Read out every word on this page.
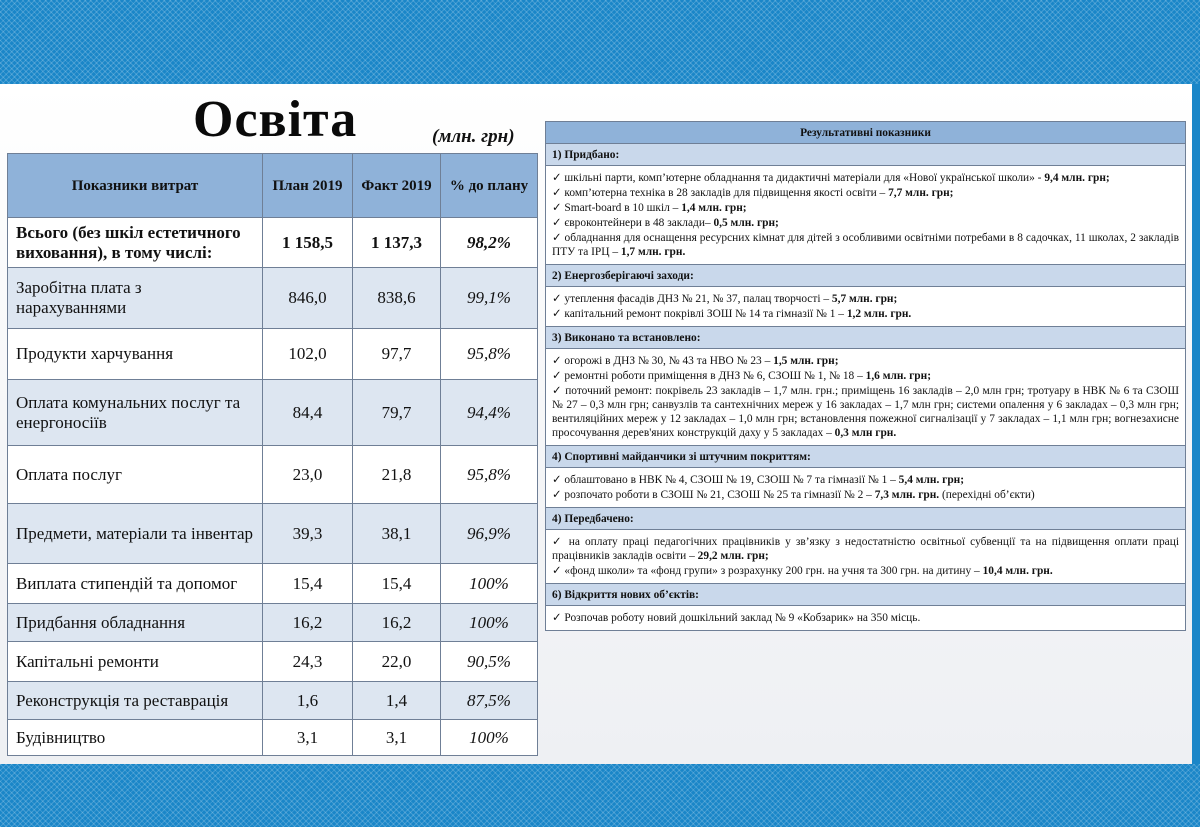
Освіта	(млн. грн)
Показники витрат	План 2019	Факт 2019	% до плану
Всього (без шкіл естетичного виховання), в тому числі:	1 158,5	1 137,3	98,2%
Заробітна плата з нарахуваннями	846,0	838,6	99,1%
Продукти харчування	102,0	97,7	95,8%
Оплата комунальних послуг та енергоносіїв	84,4	79,7	94,4%
Оплата послуг	23,0	21,8	95,8%
Предмети, матеріали та інвентар	39,3	38,1	96,9%
Виплата стипендій та допомог	15,4	15,4	100%
Придбання обладнання	16,2	16,2	100%
Капітальні ремонти	24,3	22,0	90,5%
Реконструкція та реставрація	1,6	1,4	87,5%
Будівництво	3,1	3,1	100%
Результативні показники
1) Придбано:

✓ шкільні парти, комп’ютерне обладнання та дидактичні матеріали для «Нової української школи» - 9,4 млн. грн;

✓ комп’ютерна техніка в 28 закладів для підвищення якості освіти – 7,7 млн. грн;

✓ Smart-board в 10 шкіл – 1,4 млн. грн;

✓ євроконтейнери в 48 заклади– 0,5 млн. грн;

✓ обладнання для оснащення ресурсних кімнат для дітей з особливими освітніми потребами в 8 садочках, 11 школах, 2 закладів ПТУ та ІРЦ – 1,7 млн. грн.

2) Енергозберігаючі заходи:

✓ утеплення фасадів ДНЗ № 21, № 37, палац творчості – 5,7 млн. грн;

✓ капітальний ремонт покрівлі ЗОШ № 14 та гімназії № 1 – 1,2 млн. грн.

3) Виконано та встановлено:

✓ огорожі в ДНЗ № 30, № 43 та НВО № 23 – 1,5 млн. грн;

✓ ремонтні роботи приміщення в ДНЗ № 6, СЗОШ № 1, № 18 – 1,6 млн. грн;

✓ поточний ремонт: покрівель 23 закладів – 1,7 млн. грн.; приміщень 16 закладів – 2,0 млн грн; тротуару в НВК № 6 та СЗОШ № 27 – 0,3 млн грн; санвузлів та сантехнічних мереж у 16 закладах – 1,7 млн грн; системи опалення у 6 закладах – 0,3 млн грн; вентиляційних мереж у 12 закладах – 1,0 млн грн; встановлення пожежної сигналізації у 7 закладах – 1,1 млн грн; вогнезахисне просочування дерев'яних конструкцій даху у 5 закладах – 0,3 млн грн.

4) Спортивні майданчики зі штучним покриттям:

✓ облаштовано в НВК № 4, СЗОШ № 19, СЗОШ № 7 та гімназії № 1 – 5,4 млн. грн;

✓ розпочато роботи в СЗОШ № 21, СЗОШ № 25 та гімназії № 2 – 7,3 млн. грн. (перехідні об’єкти)

4) Передбачено:

✓ на оплату праці педагогічних працівників у зв’язку з недостатністю освітньої субвенції та на підвищення оплати праці працівників закладів освіти – 29,2 млн. грн;

✓ «фонд школи» та «фонд групи» з розрахунку 200 грн. на учня та 300 грн. на дитину – 10,4 млн. грн.

6) Відкриття нових об’єктів:

✓ Розпочав роботу новий дошкільний заклад № 9 «Кобзарик» на 350 місць.
